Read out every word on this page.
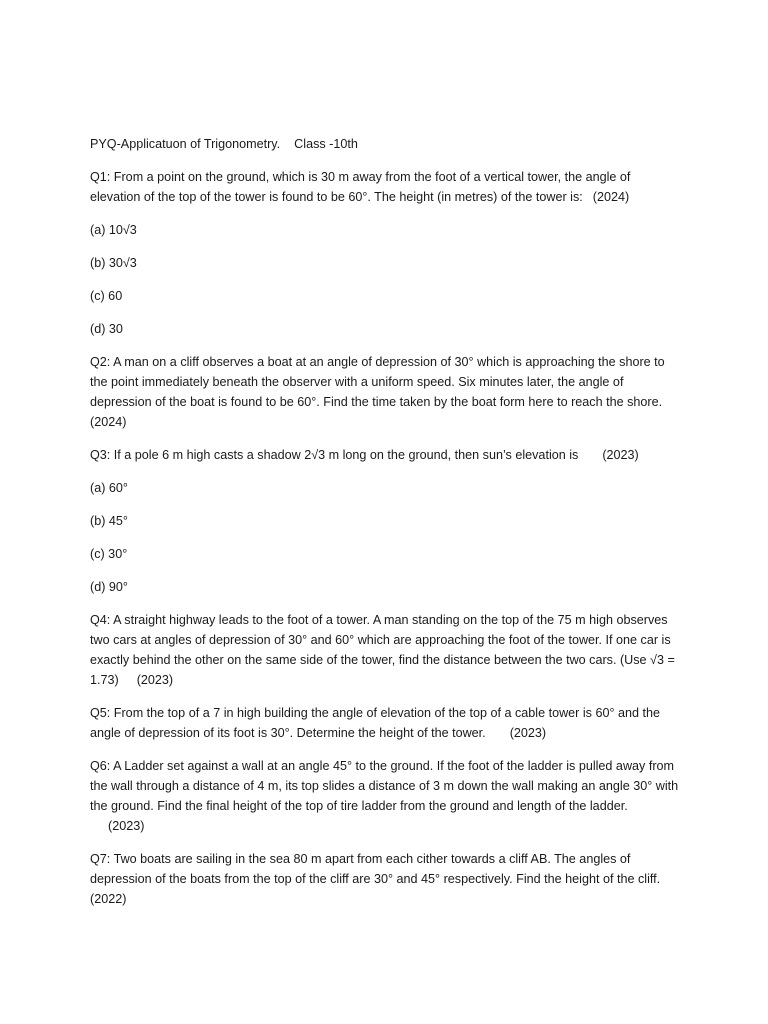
PYQ-Applicatuon of Trigonometry. Class -10th

Q1: From a point on the ground, which is 30 m away from the foot of a vertical tower, the angle of elevation of the top of the tower is found to be 60°. The height (in metres) of the tower is: (2024)

(a) 10√3
(b) 30√3
(c) 60
(d) 30

Q2: A man on a cliff observes a boat at an angle of depression of 30° which is approaching the shore to the point immediately beneath the observer with a uniform speed. Six minutes later, the angle of depression of the boat is found to be 60°. Find the time taken by the boat form here to reach the shore.
(2024)

Q3: If a pole 6 m high casts a shadow 2√3 m long on the ground, then sun’s elevation is (2023)

(a) 60°
(b) 45°
(c) 30°
(d) 90°

Q4: A straight highway leads to the foot of a tower. A man standing on the top of the 75 m high observes two cars at angles of depression of 30° and 60° which are approaching the foot of the tower. If one car is exactly behind the other on the same side of the tower, find the distance between the two cars. (Use √3 = 1.73) (2023)

Q5: From the top of a 7 in high building the angle of elevation of the top of a cable tower is 60° and the angle of depression of its foot is 30°. Determine the height of the tower. (2023)

Q6: A Ladder set against a wall at an angle 45° to the ground. If the foot of the ladder is pulled away from the wall through a distance of 4 m, its top slides a distance of 3 m down the wall making an angle 30° with the ground. Find the final height of the top of tire ladder from the ground and length of the ladder.(2023)

Q7: Two boats are sailing in the sea 80 m apart from each cither towards a cliff AB. The angles of depression of the boats from the top of the cliff are 30° and 45° respectively. Find the height of the cliff.
(2022)
